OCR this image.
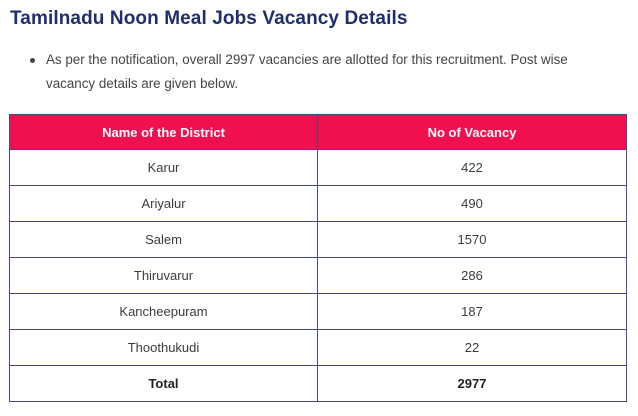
Tamilnadu Noon Meal Jobs Vacancy Details
As per the notification, overall 2997 vacancies are allotted for this recruitment. Post wise vacancy details are given below.
Name of the District	No of Vacancy
Karur	422
Ariyalur	490
Salem	1570
Thiruvarur	286
Kancheepuram	187
Thoothukudi	22
Total	2977
